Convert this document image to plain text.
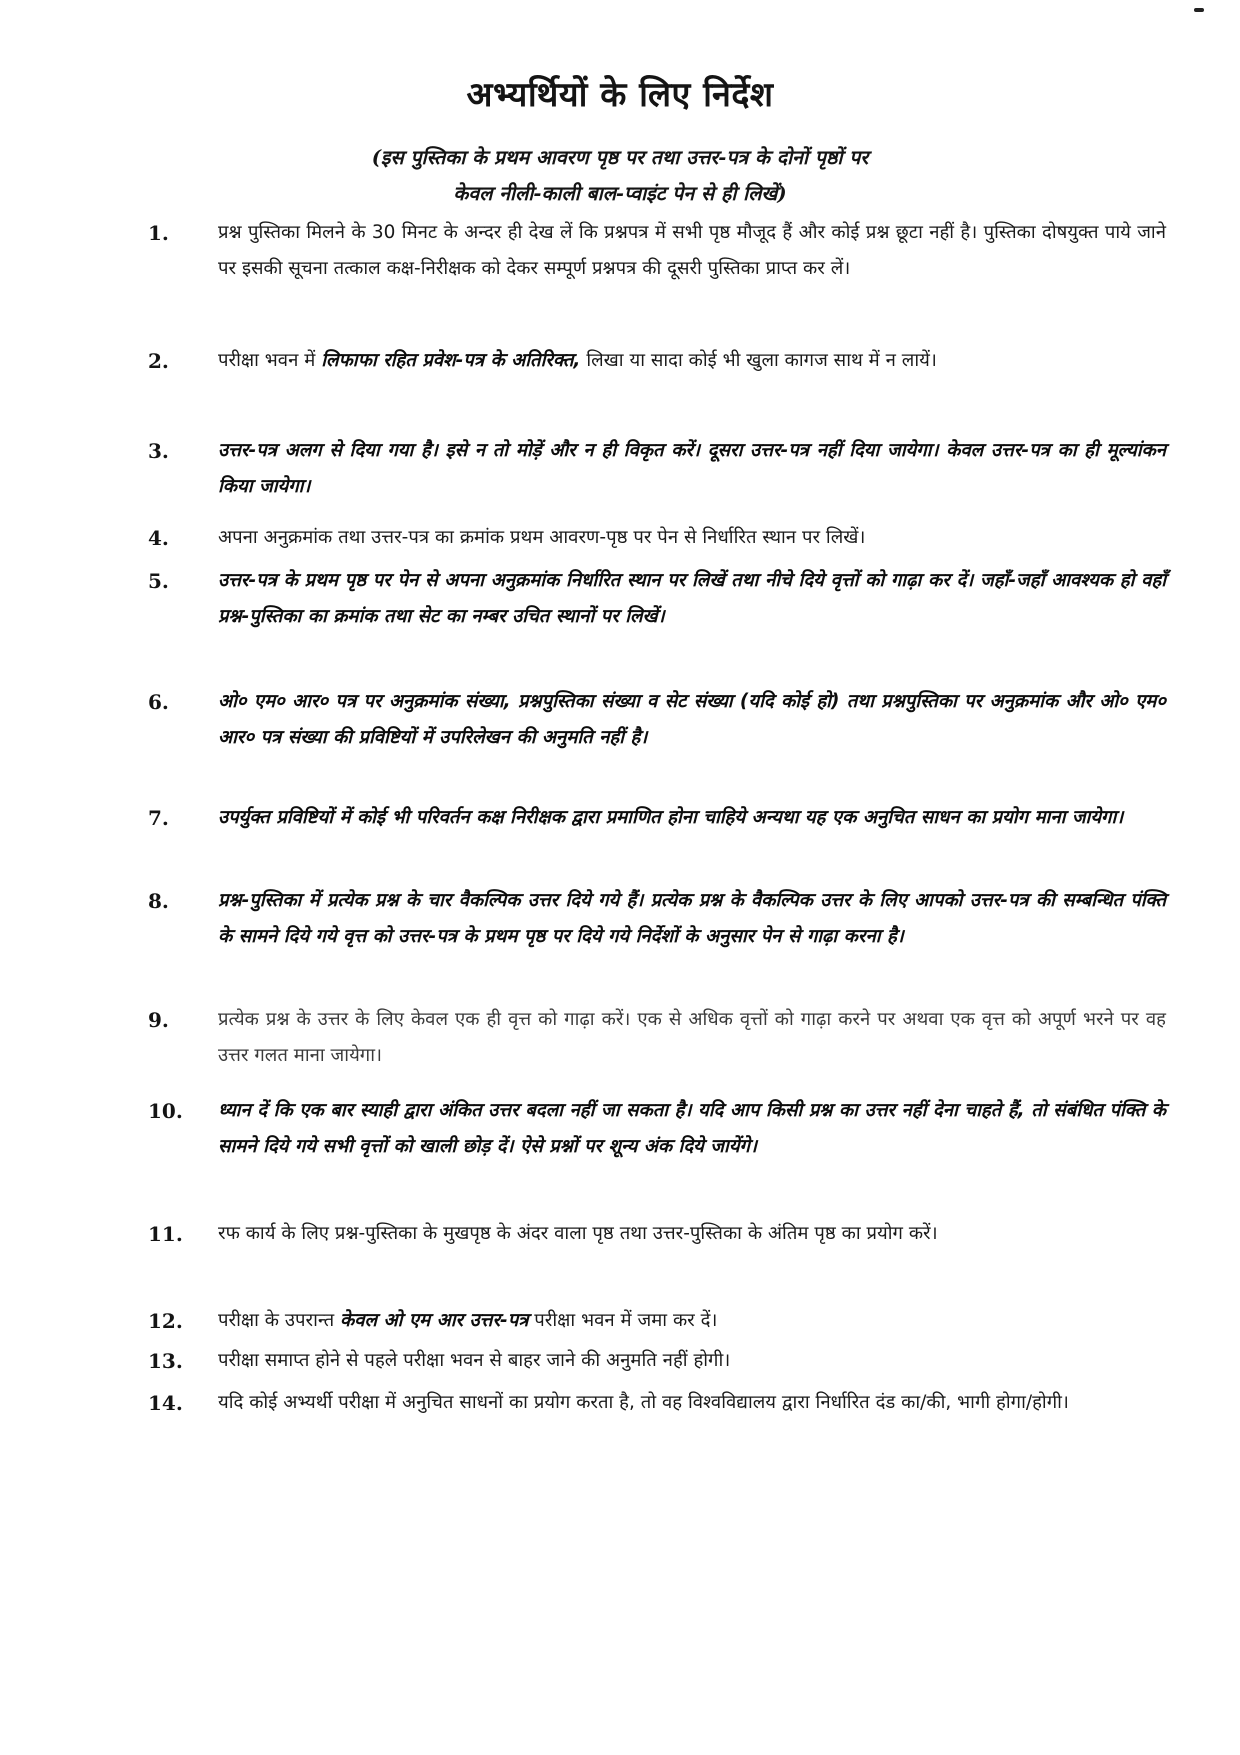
अभ्यर्थियों के लिए निर्देश
(इस पुस्तिका के प्रथम आवरण पृष्ठ पर तथा उत्तर-पत्र के दोनों पृष्ठों पर
केवल नीली-काली बाल-प्वाइंट पेन से ही लिखें)
1.	प्रश्न पुस्तिका मिलने के 30 मिनट के अन्दर ही देख लें कि प्रश्नपत्र में सभी पृष्ठ मौजूद हैं और कोई प्रश्न छूटा नहीं है। पुस्तिका दोषयुक्त पाये जाने पर इसकी सूचना तत्काल कक्ष-निरीक्षक को देकर सम्पूर्ण प्रश्नपत्र की दूसरी पुस्तिका प्राप्त कर लें।
2.	परीक्षा भवन में लिफाफा रहित प्रवेश-पत्र के अतिरिक्त, लिखा या सादा कोई भी खुला कागज साथ में न लायें।
3.	उत्तर-पत्र अलग से दिया गया है। इसे न तो मोड़ें और न ही विकृत करें। दूसरा उत्तर-पत्र नहीं दिया जायेगा। केवल उत्तर-पत्र का ही मूल्यांकन किया जायेगा।
4.	अपना अनुक्रमांक तथा उत्तर-पत्र का क्रमांक प्रथम आवरण-पृष्ठ पर पेन से निर्धारित स्थान पर लिखें।
5.	उत्तर-पत्र के प्रथम पृष्ठ पर पेन से अपना अनुक्रमांक निर्धारित स्थान पर लिखें तथा नीचे दिये वृत्तों को गाढ़ा कर दें। जहाँ-जहाँ आवश्यक हो वहाँ प्रश्न-पुस्तिका का क्रमांक तथा सेट का नम्बर उचित स्थानों पर लिखें।
6.	ओ० एम० आर० पत्र पर अनुक्रमांक संख्या, प्रश्नपुस्तिका संख्या व सेट संख्या (यदि कोई हो) तथा प्रश्नपुस्तिका पर अनुक्रमांक और ओ० एम० आर० पत्र संख्या की प्रविष्टियों में उपरिलेखन की अनुमति नहीं है।
7.	उपर्युक्त प्रविष्टियों में कोई भी परिवर्तन कक्ष निरीक्षक द्वारा प्रमाणित होना चाहिये अन्यथा यह एक अनुचित साधन का प्रयोग माना जायेगा।
8.	प्रश्न-पुस्तिका में प्रत्येक प्रश्न के चार वैकल्पिक उत्तर दिये गये हैं। प्रत्येक प्रश्न के वैकल्पिक उत्तर के लिए आपको उत्तर-पत्र की सम्बन्धित पंक्ति के सामने दिये गये वृत्त को उत्तर-पत्र के प्रथम पृष्ठ पर दिये गये निर्देशों के अनुसार पेन से गाढ़ा करना है।
9.	प्रत्येक प्रश्न के उत्तर के लिए केवल एक ही वृत्त को गाढ़ा करें। एक से अधिक वृत्तों को गाढ़ा करने पर अथवा एक वृत्त को अपूर्ण भरने पर वह उत्तर गलत माना जायेगा।
10.	ध्यान दें कि एक बार स्याही द्वारा अंकित उत्तर बदला नहीं जा सकता है। यदि आप किसी प्रश्न का उत्तर नहीं देना चाहते हैं, तो संबंधित पंक्ति के सामने दिये गये सभी वृत्तों को खाली छोड़ दें। ऐसे प्रश्नों पर शून्य अंक दिये जायेंगे।
11.	रफ कार्य के लिए प्रश्न-पुस्तिका के मुखपृष्ठ के अंदर वाला पृष्ठ तथा उत्तर-पुस्तिका के अंतिम पृष्ठ का प्रयोग करें।
12.	परीक्षा के उपरान्त केवल ओ एम आर उत्तर-पत्र परीक्षा भवन में जमा कर दें।
13.	परीक्षा समाप्त होने से पहले परीक्षा भवन से बाहर जाने की अनुमति नहीं होगी।
14.	यदि कोई अभ्यर्थी परीक्षा में अनुचित साधनों का प्रयोग करता है, तो वह विश्वविद्यालय द्वारा निर्धारित दंड का/की, भागी होगा/होगी।
